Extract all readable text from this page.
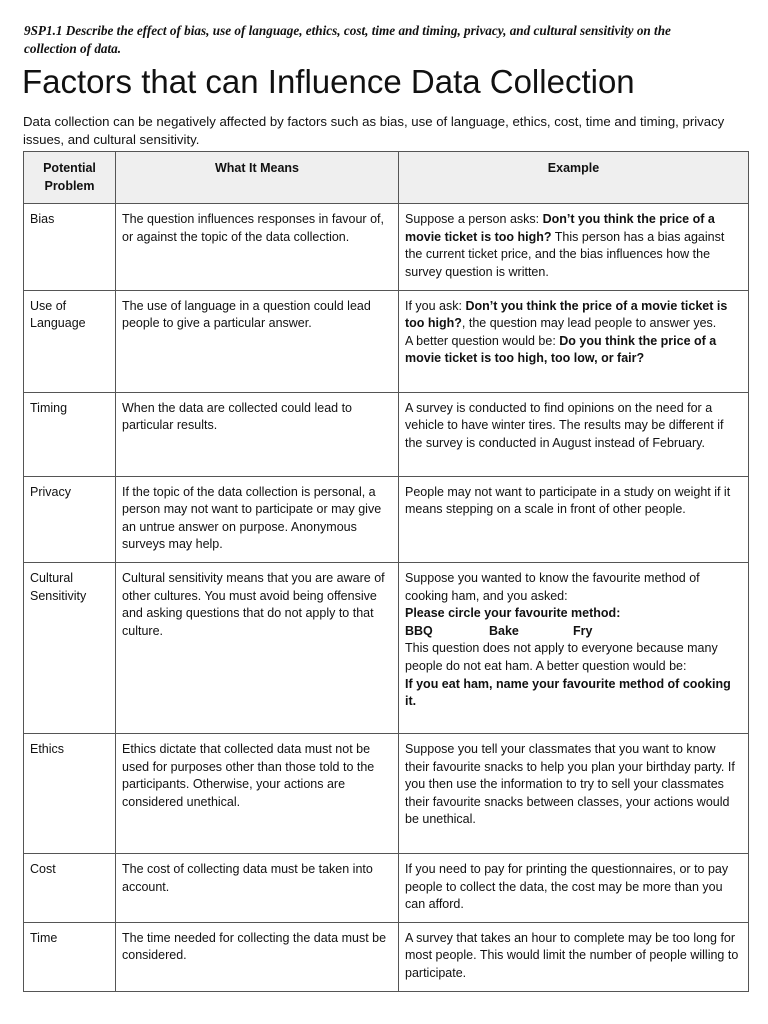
9SP1.1 Describe the effect of bias, use of language, ethics, cost, time and timing, privacy, and cultural sensitivity on the collection of data.
Factors that can Influence Data Collection
Data collection can be negatively affected by factors such as bias, use of language, ethics, cost, time and timing, privacy issues, and cultural sensitivity.
Potential Problem	What It Means	Example
Bias	The question influences responses in favour of, or against the topic of the data collection.	Suppose a person asks: Don’t you think the price of a movie ticket is too high? This person has a bias against the current ticket price, and the bias influences how the survey question is written.
Use of Language	The use of language in a question could lead people to give a particular answer.	If you ask: Don’t you think the price of a movie ticket is too high?, the question may lead people to answer yes.
A better question would be: Do you think the price of a movie ticket is too high, too low, or fair?
Timing	When the data are collected could lead to particular results.	A survey is conducted to find opinions on the need for a vehicle to have winter tires. The results may be different if the survey is conducted in August instead of February.
Privacy	If the topic of the data collection is personal, a person may not want to participate or may give an untrue answer on purpose. Anonymous surveys may help.	People may not want to participate in a study on weight if it means stepping on a scale in front of other people.
Cultural Sensitivity	Cultural sensitivity means that you are aware of other cultures. You must avoid being offensive and asking questions that do not apply to that culture.	Suppose you wanted to know the favourite method of cooking ham, and you asked:
Please circle your favourite method:
BBQ Bake Fry
This question does not apply to everyone because many people do not eat ham. A better question would be:
If you eat ham, name your favourite method of cooking it.
Ethics	Ethics dictate that collected data must not be used for purposes other than those told to the participants. Otherwise, your actions are considered unethical.	Suppose you tell your classmates that you want to know their favourite snacks to help you plan your birthday party. If you then use the information to try to sell your classmates their favourite snacks between classes, your actions would be unethical.
Cost	The cost of collecting data must be taken into account.	If you need to pay for printing the questionnaires, or to pay people to collect the data, the cost may be more than you can afford.
Time	The time needed for collecting the data must be considered.	A survey that takes an hour to complete may be too long for most people. This would limit the number of people willing to participate.
